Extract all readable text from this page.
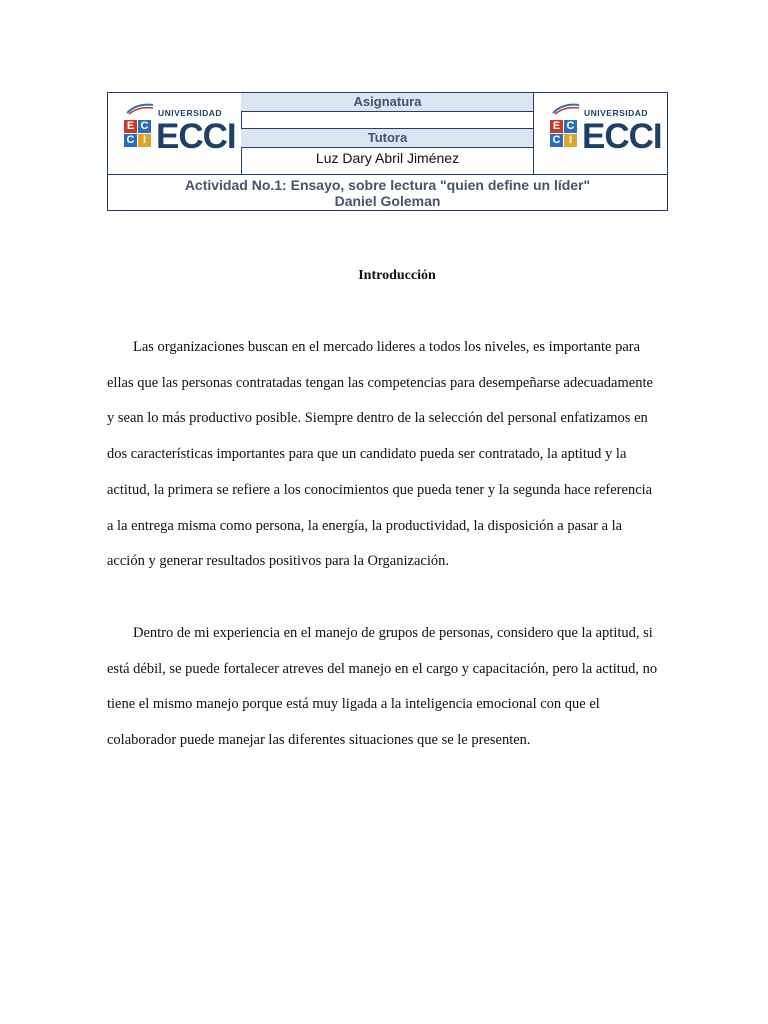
UNIVERSIDAD
E C
C I ECCI
Asignatura
Tutora
Luz Dary Abril Jiménez
UNIVERSIDAD
E C
C I ECCI
Actividad No.1: Ensayo, sobre lectura "quien define un líder"
Daniel Goleman
Introducción

Las organizaciones buscan en el mercado lideres a todos los niveles, es importante para ellas que las personas contratadas tengan las competencias para desempeñarse adecuadamente y sean lo más productivo posible. Siempre dentro de la selección del personal enfatizamos en dos características importantes para que un candidato pueda ser contratado, la aptitud y la actitud, la primera se refiere a los conocimientos que pueda tener y la segunda hace referencia a la entrega misma como persona, la energía, la productividad, la disposición a pasar a la acción y generar resultados positivos para la Organización.

Dentro de mi experiencia en el manejo de grupos de personas, considero que la aptitud, si está débil, se puede fortalecer atreves del manejo en el cargo y capacitación, pero la actitud, no tiene el mismo manejo porque está muy ligada a la inteligencia emocional con que el colaborador puede manejar las diferentes situaciones que se le presenten.
